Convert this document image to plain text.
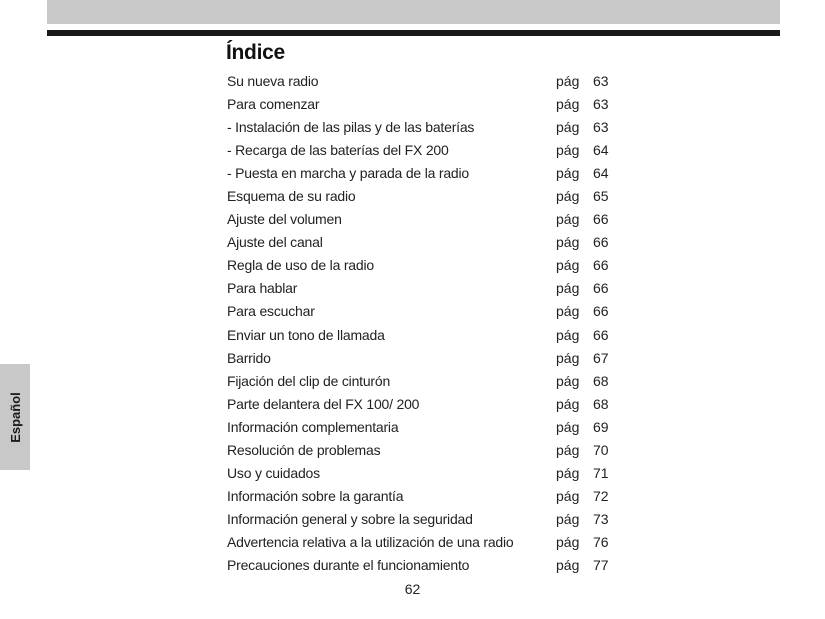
Español
Índice
Su nueva radio	pág 63
Para comenzar	pág 63
- Instalación de las pilas y de las baterías	pág 63
- Recarga de las baterías del FX 200	pág 64
- Puesta en marcha y parada de la radio	pág 64
Esquema de su radio	pág 65
Ajuste del volumen	pág 66
Ajuste del canal	pág 66
Regla de uso de la radio	pág 66
Para hablar	pág 66
Para escuchar	pág 66
Enviar un tono de llamada	pág 66
Barrido	pág 67
Fijación del clip de cinturón	pág 68
Parte delantera del FX 100/ 200	pág 68
Información complementaria	pág 69
Resolución de problemas	pág 70
Uso y cuidados	pág 71
Información sobre la garantía	pág 72
Información general y sobre la seguridad	pág 73
Advertencia relativa a la utilización de una radio	pág 76
Precauciones durante el funcionamiento	pág 77
62
